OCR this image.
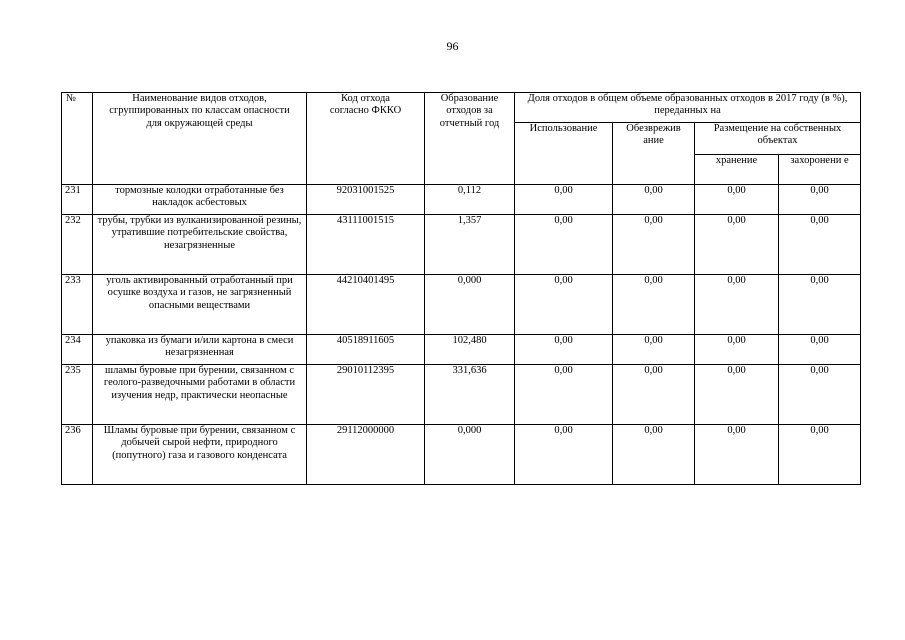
96
№	Наименование видов отходов, сгруппированных по классам опасности для окружающей среды	Код отхода согласно ФККО	Образование отходов за отчетный год	Доля отходов в общем объеме образованных отходов в 2017 году (в %), переданных на			
				Использование	Обезврежив ание	Размещение на собственных объектах	
						хранение	захоронени е
231	тормозные колодки отработанные без накладок асбестовых	92031001525	0,112	0,00	0,00	0,00	0,00
232	трубы, трубки из вулканизированной резины, утратившие потребительские свойства, незагрязненные	43111001515	1,357	0,00	0,00	0,00	0,00
233	уголь активированный отработанный при осушке воздуха и газов, не загрязненный опасными веществами	44210401495	0,000	0,00	0,00	0,00	0,00
234	упаковка из бумаги и/или картона в смеси незагрязненная	40518911605	102,480	0,00	0,00	0,00	0,00
235	шламы буровые при бурении, связанном с геолого-разведочными работами в области изучения недр, практически неопасные	29010112395	331,636	0,00	0,00	0,00	0,00
236	Шламы буровые при бурении, связанном с добычей сырой нефти, природного (попутного) газа и газового конденсата	29112000000	0,000	0,00	0,00	0,00	0,00
